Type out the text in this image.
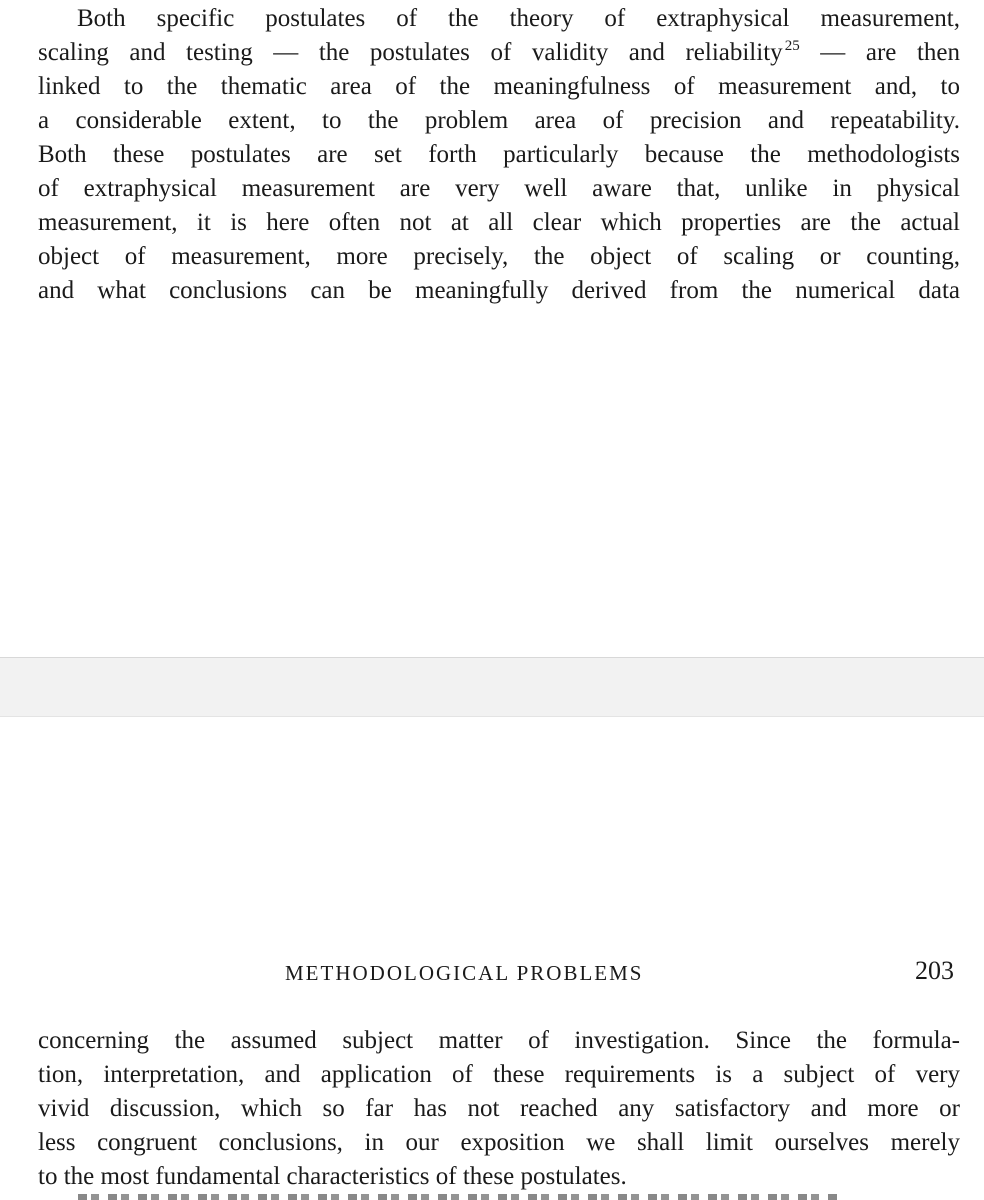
Both specific postulates of the theory of extraphysical measurement,
scaling and testing — the postulates of validity and reliability  $^{25}$ — are then
linked to the thematic area of the meaningfulness of measurement and, to
a considerable extent, to the problem area of precision and repeatability.
Both these postulates are set forth particularly because the methodologists
of extraphysical measurement are very well aware that, unlike in physical
measurement, it is here often not at all clear which properties are the actual
object of measurement, more precisely, the object of scaling or counting,
and what conclusions can be meaningfully derived from the numerical data
METHODOLOGICAL PROBLEMS	203
concerning the assumed subject matter of investigation. Since the formula-
tion, interpretation, and application of these requirements is a subject of very
vivid discussion, which so far has not reached any satisfactory and more or
less congruent conclusions, in our exposition we shall limit ourselves merely
to the most fundamental characteristics of these postulates.
